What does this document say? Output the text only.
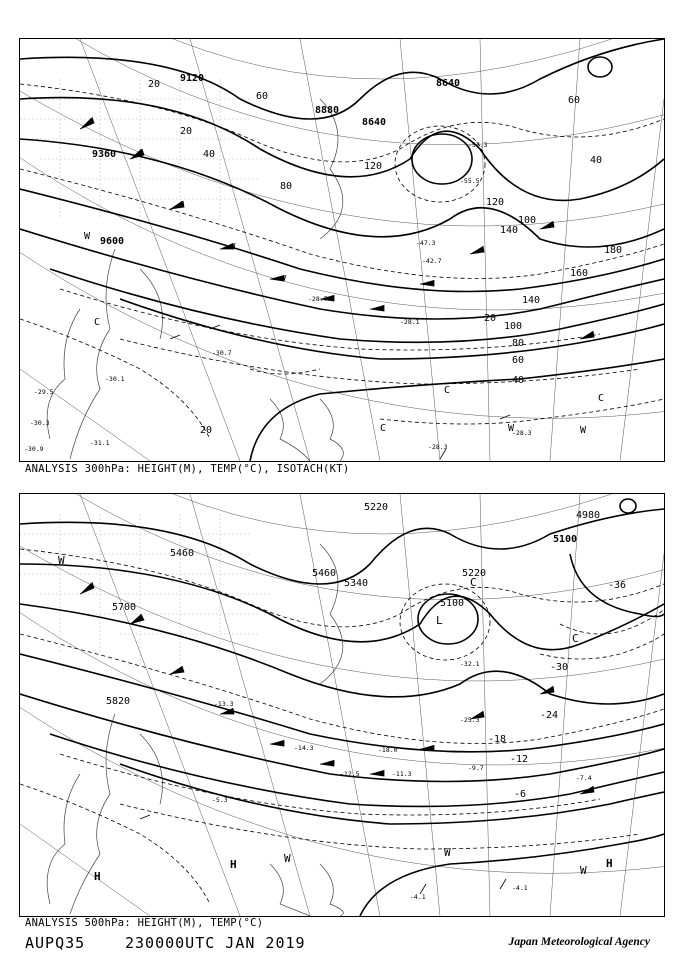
9120
8880
8640
8640
9360
9600
20
20
40
60
80
100
120
140
160
180
140
120
100
80
60
40
20
20
40
60
-28.7
-28.1
-30.7
-30.1
-28.3
-28.3
-29.5
-30.3
-30.9
-31.1
-47.3
-42.7
-55.5
-57.3
C
C
C
C
W
W	W
ANALYSIS 300hPa: HEIGHT(M), TEMP(°C), ISOTACH(KT)
5220
5460
5340
5100
5220
5100
4980
5700
5820
5460
-36
-30
-24
-18
-12
-6
-32.1
-25.3
-18.0
-11.3
-9.7
-7.4
-4.1
-4.1
-12.5
-14.3
-13.3
-5.3
C
C
L
H
H	H
W	W
W
W
ANALYSIS 500hPa: HEIGHT(M), TEMP(°C)
AUPQ35	230000UTC JAN 2019	Japan Meteorological Agency
